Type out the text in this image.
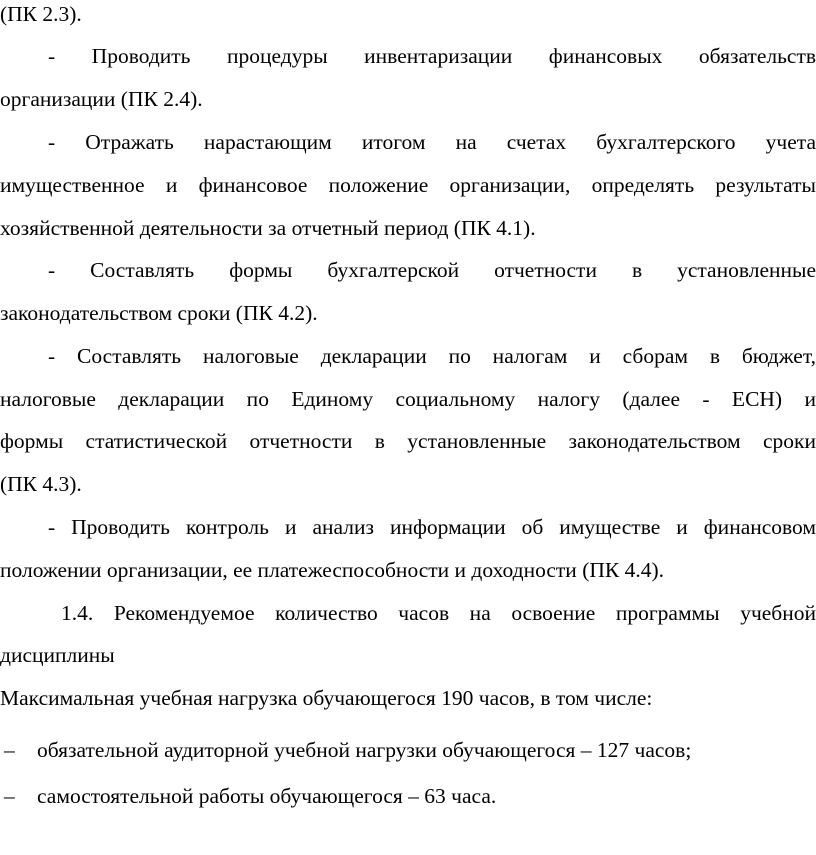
(ПК 2.3).
- Проводить процедуры инвентаризации финансовых обязательств
организации (ПК 2.4).
- Отражать нарастающим итогом на счетах бухгалтерского учета
имущественное и финансовое положение организации, определять результаты
хозяйственной деятельности за отчетный период (ПК 4.1).
- Составлять формы бухгалтерской отчетности в установленные
законодательством сроки (ПК 4.2).
- Составлять налоговые декларации по налогам и сборам в бюджет,
налоговые декларации по Единому социальному налогу (далее - ЕСН) и
формы статистической отчетности в установленные законодательством сроки
(ПК 4.3).
- Проводить контроль и анализ информации об имуществе и финансовом
положении организации, ее платежеспособности и доходности (ПК 4.4).
1.4. Рекомендуемое количество часов на освоение программы учебной
дисциплины
Максимальная учебная нагрузка обучающегося 190 часов, в том числе:
– обязательной аудиторной учебной нагрузки обучающегося – 127 часов;
– самостоятельной работы обучающегося – 63 часа.
